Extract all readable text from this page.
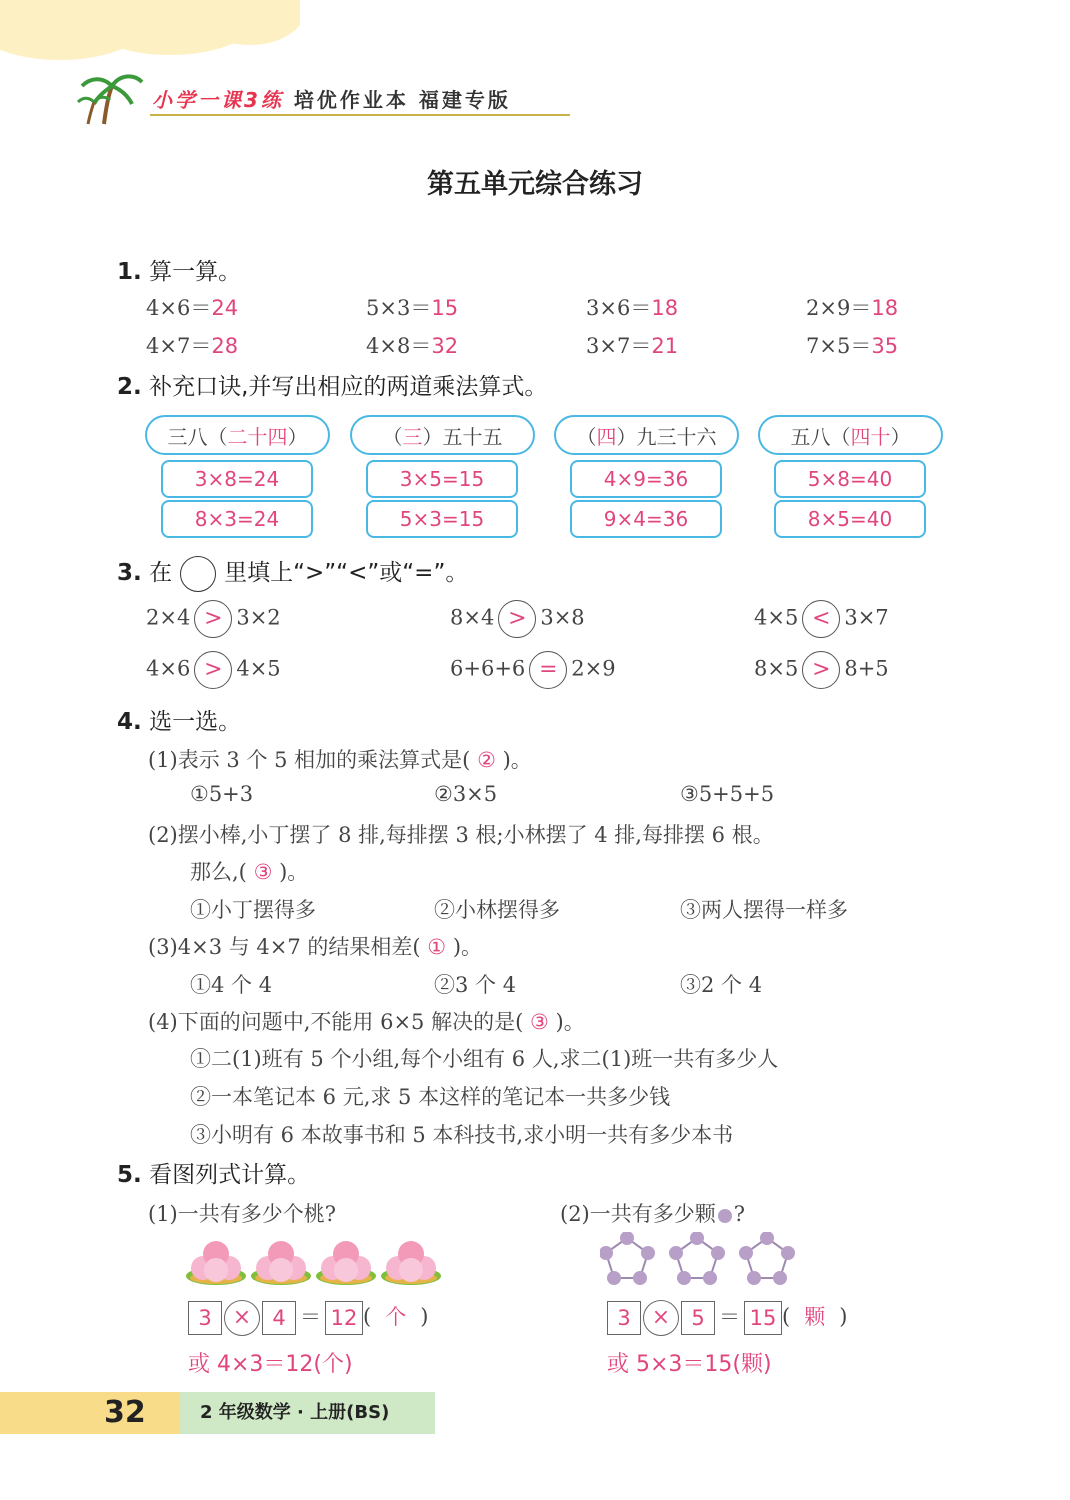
小学一课3练 培优作业本 福建专版
第五单元综合练习
1. 算一算。
4×6＝24	5×3＝15	3×6＝18	2×9＝18
4×7＝28	4×8＝32	3×7＝21	7×5＝35
2. 补充口诀,并写出相应的两道乘法算式。
三八（二十四）
3×8=24
8×3=24
（三）五十五
3×5=15
5×3=15
（四）九三十六
4×9=36
9×4=36
五八（四十）
5×8=40
8×5=40
3. 在 里填上“>”“<”或“=”。
2×4 > 3×2	8×4 > 3×8	4×5 < 3×7
4×6 > 4×5	6+6+6 = 2×9	8×5 > 8+5
4. 选一选。
(1)表示 3 个 5 相加的乘法算式是( ② )。
①5+3	②3×5	③5+5+5
(2)摆小棒,小丁摆了 8 排,每排摆 3 根;小林摆了 4 排,每排摆 6 根。
那么,( ③ )。
①小丁摆得多	②小林摆得多	③两人摆得一样多
(3)4×3 与 4×7 的结果相差( ① )。
①4 个 4	②3 个 4	③2 个 4
(4)下面的问题中,不能用 6×5 解决的是( ③ )。
①二(1)班有 5 个小组,每个小组有 6 人,求二(1)班一共有多少人
②一本笔记本 6 元,求 5 本这样的笔记本一共多少钱
③小明有 6 本故事书和 5 本科技书,求小明一共有多少本书
5. 看图列式计算。
(1)一共有多少个桃?
3 × 4 ＝ 12 ( 个 )
或 4×3＝12(个)
(2)一共有多少颗 ?
3 × 5 ＝ 15 ( 颗 )
或 5×3＝15(颗)
32	2 年级数学 · 上册(BS)
